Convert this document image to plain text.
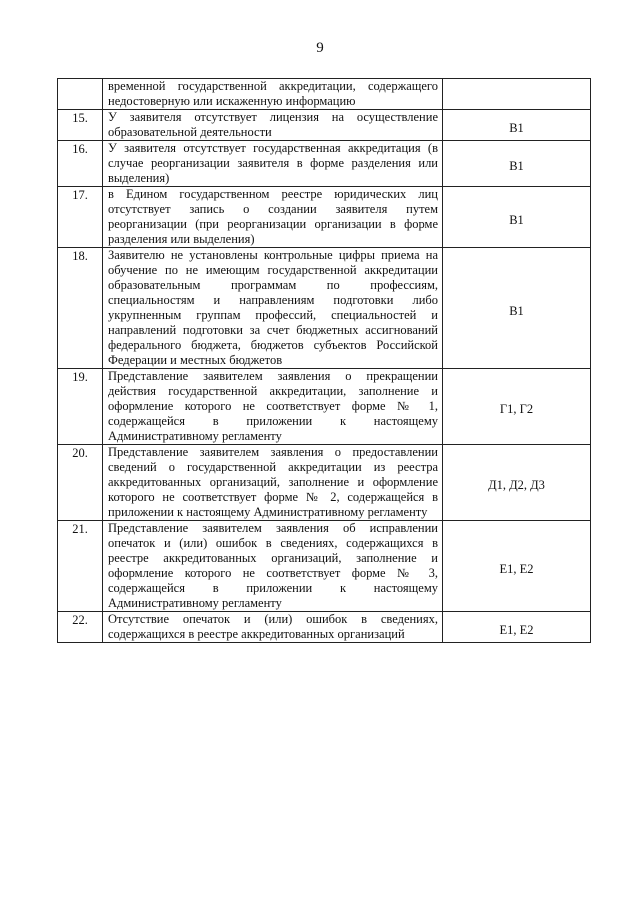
9
	временной государственной аккредитации, содержащего недостоверную или искаженную информацию	
15.	У заявителя отсутствует лицензия на осуществление образовательной деятельности	В1
16.	У заявителя отсутствует государственная аккредитация (в случае реорганизации заявителя в форме разделения или выделения)	В1
17.	в Едином государственном реестре юридических лиц отсутствует запись о создании заявителя путем реорганизации (при реорганизации организации в форме разделения или выделения)	В1
18.	Заявителю не установлены контрольные цифры приема на обучение по не имеющим государственной аккредитации образовательным программам по профессиям, специальностям и направлениям подготовки либо укрупненным группам профессий, специальностей и направлений подготовки за счет бюджетных ассигнований федерального бюджета, бюджетов субъектов Российской Федерации и местных бюджетов	В1
19.	Представление заявителем заявления о прекращении действия государственной аккредитации, заполнение и оформление которого не соответствует форме № 1, содержащейся в приложении к настоящему Административному регламенту	Г1, Г2
20.	Представление заявителем заявления о предоставлении сведений о государственной аккредитации из реестра аккредитованных организаций, заполнение и оформление которого не соответствует форме № 2, содержащейся в приложении к настоящему Административному регламенту	Д1, Д2, Д3
21.	Представление заявителем заявления об исправлении опечаток и (или) ошибок в сведениях, содержащихся в реестре аккредитованных организаций, заполнение и оформление которого не соответствует форме № 3, содержащейся в приложении к настоящему Административному регламенту	Е1, Е2
22.	Отсутствие опечаток и (или) ошибок в сведениях, содержащихся в реестре аккредитованных организаций	Е1, Е2
